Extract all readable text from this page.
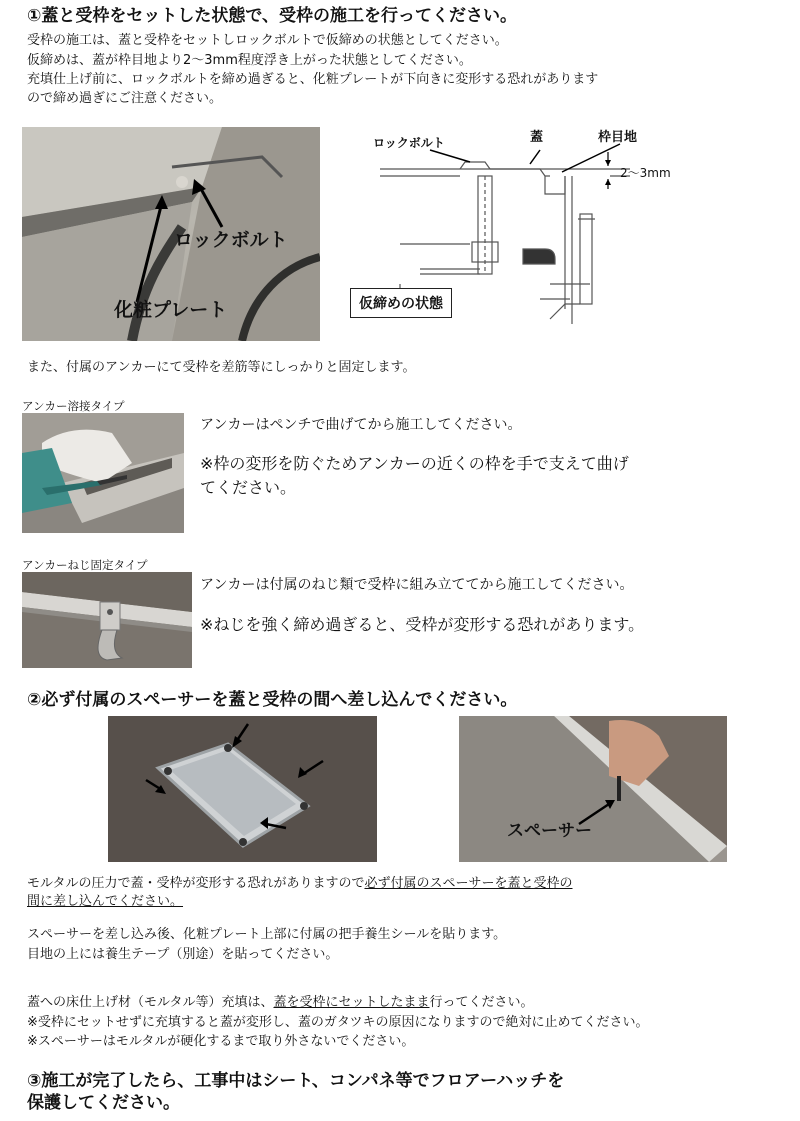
①蓋と受枠をセットした状態で、受枠の施工を行ってください。
受枠の施工は、蓋と受枠をセットしロックボルトで仮締めの状態としてください。
仮締めは、蓋が枠目地より2～3mm程度浮き上がった状態としてください。
充填仕上げ前に、ロックボルトを締め過ぎると、化粧プレートが下向きに変形する恐れがあります
ので締め過ぎにご注意ください。
ロックボルト
化粧プレート
ロックボルト	蓋	枠目地
2～3mm
仮締めの状態
また、付属のアンカーにて受枠を差筋等にしっかりと固定します。
アンカー溶接タイプ
アンカーはペンチで曲げてから施工してください。
※枠の変形を防ぐためアンカーの近くの枠を手で支えて曲げ
てください。
アンカーねじ固定タイプ
アンカーは付属のねじ類で受枠に組み立ててから施工してください。
※ねじを強く締め過ぎると、受枠が変形する恐れがあります。
②必ず付属のスペーサーを蓋と受枠の間へ差し込んでください。
スペーサー
モルタルの圧力で蓋・受枠が変形する恐れがありますので必ず付属のスペーサーを蓋と受枠の
間に差し込んでください。
スペーサーを差し込み後、化粧プレート上部に付属の把手養生シールを貼ります。
目地の上には養生テープ（別途）を貼ってください。
蓋への床仕上げ材（モルタル等）充填は、蓋を受枠にセットしたまま行ってください。
※受枠にセットせずに充填すると蓋が変形し、蓋のガタツキの原因になりますので絶対に止めてください。
※スペーサーはモルタルが硬化するまで取り外さないでください。
③施工が完了したら、工事中はシート、コンパネ等でフロアーハッチを
保護してください。
